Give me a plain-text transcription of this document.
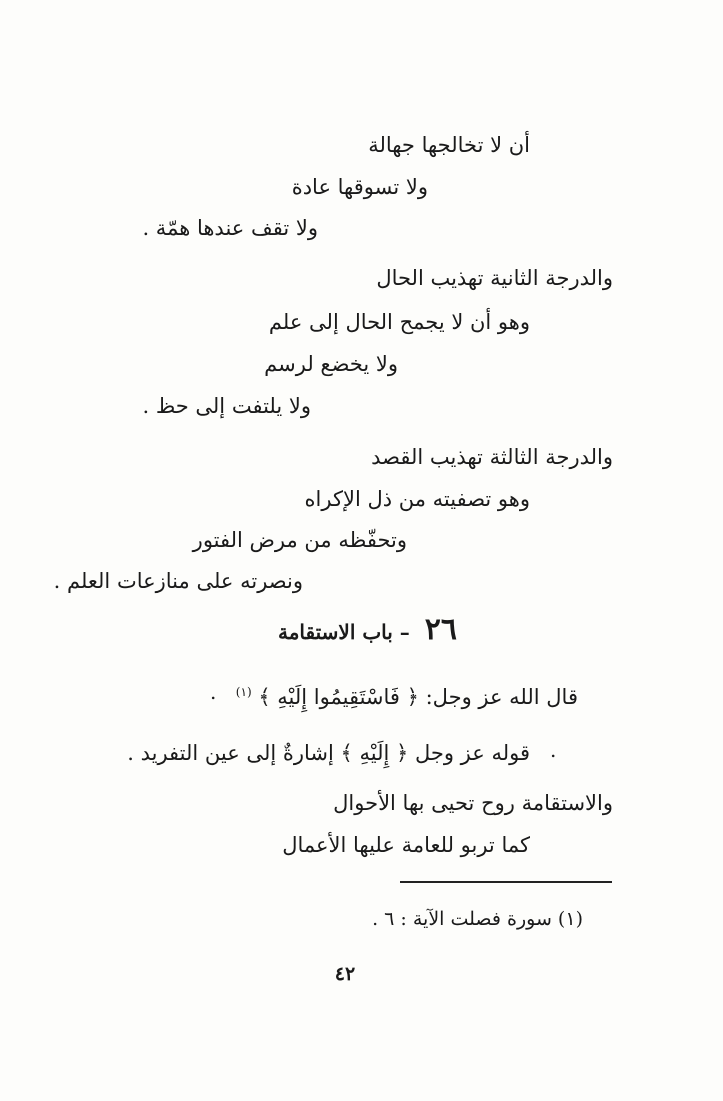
أن لا تخالجها جهالة
ولا تسوقها عادة
ولا تقف عندها همّة .
والدرجة الثانية تهذيب الحال
وهو أن لا يجمح الحال إلى علم
ولا يخضع لرسم
ولا يلتفت إلى حظ .
والدرجة الثالثة تهذيب القصد
وهو تصفيته من ذل الإكراه
وتحفّظه من مرض الفتور
ونصرته على منازعات العلم .
٢٦ – باب الاستقامة
قال الله عز وجل: ﴿ فَاسْتَقِيمُوا إِلَيْهِ ﴾ $^{(١)}$
.
قوله عز وجل ﴿ إِلَيْهِ ﴾ إشارةٌ إلى عين التفريد . .
والاستقامة روح تحيى بها الأحوال
كما تربو للعامة عليها الأعمال
(١) سورة فصلت الآية : ٦ .
٤٢
